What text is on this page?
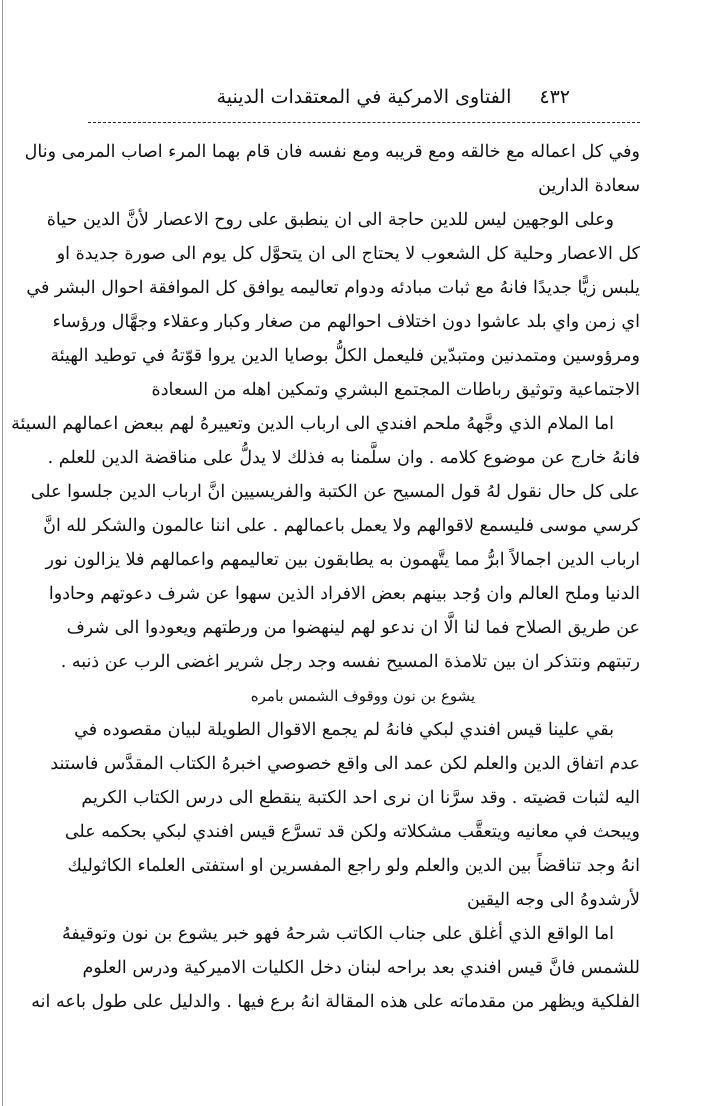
٤٣٢
الفتاوى الامركية في المعتقدات الدينية
وفي كل اعماله مع خالقه ومع قريبه ومع نفسه فان قام بهما المرء اصاب المرمى ونال
سعادة الدارين
وعلى الوجهين ليس للدين حاجة الى ان ينطبق على روح الاعصار لأنَّ الدين حياة
كل الاعصار وحلية كل الشعوب لا يحتاج الى ان يتحوَّل كل يوم الى صورة جديدة او
يلبس زيًّا جديدًا فانهُ مع ثبات مبادئه ودوام تعاليمه يوافق كل الموافقة احوال البشر في
اي زمن واي بلد عاشوا دون اختلاف احوالهم من صغار وكبار وعقلاء وجهَّال ورؤساء
ومرؤوسين ومتمدنين ومتبدّين فليعمل الكلُّ بوصايا الدين يروا قوّتهُ في توطيد الهيئة
الاجتماعية وتوثيق رباطات المجتمع البشري وتمكين اهله من السعادة
اما الملام الذي وجَّههُ ملحم افندي الى ارباب الدين وتعييرهُ لهم ببعض اعمالهم السيئة
فانهُ خارج عن موضوع كلامه . وان سلَّمنا به فذلك لا يدلُّ على مناقضة الدين للعلم .
على كل حال نقول لهُ قول المسيح عن الكتبة والفريسيين انَّ ارباب الدين جلسوا على
كرسي موسى فليسمع لاقوالهم ولا يعمل باعمالهم . على اننا عالمون والشكر لله انَّ
ارباب الدين اجمالاً ابرُّ مما يتَّهمون به يطابقون بين تعاليمهم واعمالهم فلا يزالون نور
الدنيا وملح العالم وان وُجد بينهم بعض الافراد الذين سهوا عن شرف دعوتهم وحادوا
عن طريق الصلاح فما لنا الَّا ان ندعو لهم لينهضوا من ورطتهم ويعودوا الى شرف
رتبتهم ونتذكر ان بين تلامذة المسيح نفسه وجد رجل شرير اغضى الرب عن ذنبه .
يشوع بن نون ووقوف الشمس بامره
بقي علينا قيس افندي لبكي فانهُ لم يجمع الاقوال الطويلة لبيان مقصوده في
عدم اتفاق الدين والعلم لكن عمد الى واقع خصوصي اخبرهُ الكتاب المقدَّس فاستند
اليه لثبات قضيته . وقد سرَّنا ان نرى احد الكتبة ينقطع الى درس الكتاب الكريم
ويبحث في معانيه ويتعقَّب مشكلاته ولكن قد تسرَّع قيس افندي لبكي بحكمه على
انهُ وجد تناقضاً بين الدين والعلم ولو راجع المفسرين او استفتى العلماء الكاثوليك
لأرشدوهُ الى وجه اليقين
اما الواقع الذي أغلق على جناب الكاتب شرحهُ فهو خبر يشوع بن نون وتوقيفهُ
للشمس فانَّ قيس افندي بعد براحه لبنان دخل الكليات الاميركية ودرس العلوم
الفلكية ويظهر من مقدماته على هذه المقالة انهُ برع فيها . والدليل على طول باعه انه
